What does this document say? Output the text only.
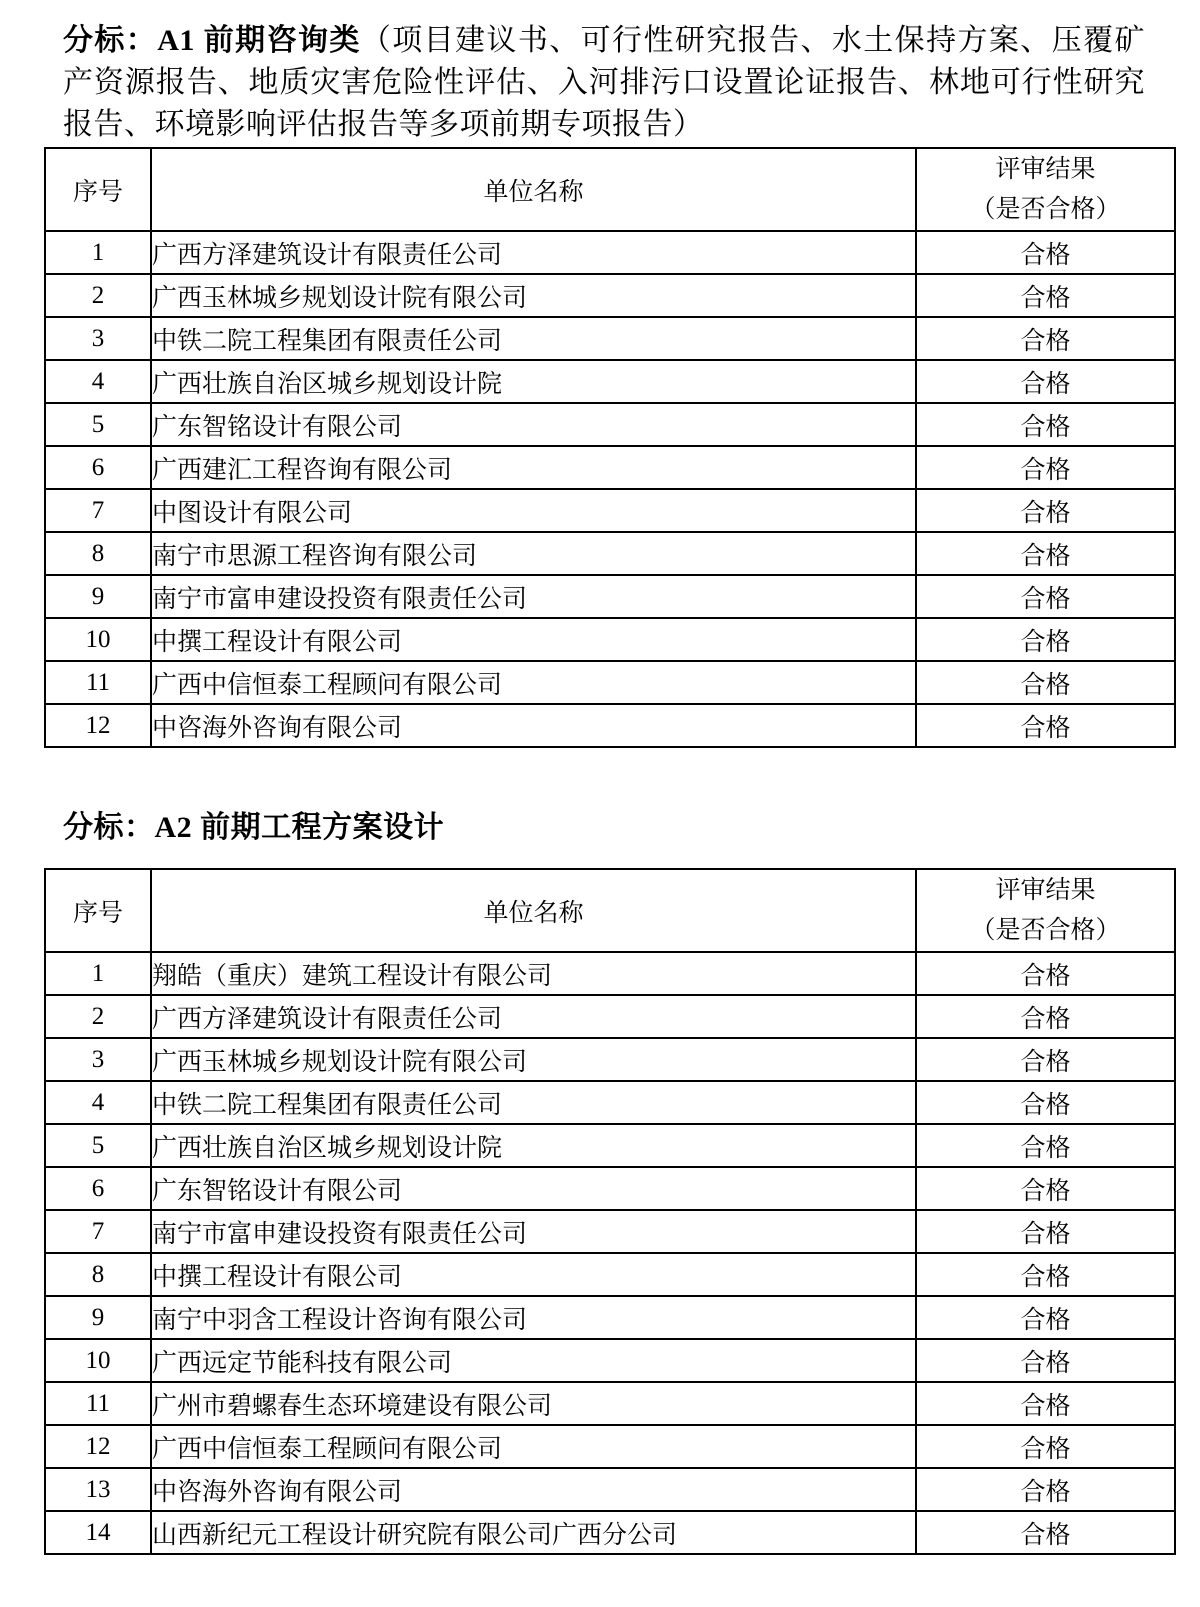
分标：A1 前期咨询类（项目建议书、可行性研究报告、水土保持方案、压覆矿产资源报告、地质灾害危险性评估、入河排污口设置论证报告、林地可行性研究报告、环境影响评估报告等多项前期专项报告）

序号	单位名称	评审结果
（是否合格）

1	广西方泽建筑设计有限责任公司	合格
2	广西玉林城乡规划设计院有限公司	合格
3	中铁二院工程集团有限责任公司	合格
4	广西壮族自治区城乡规划设计院	合格
5	广东智铭设计有限公司	合格
6	广西建汇工程咨询有限公司	合格
7	中图设计有限公司	合格
8	南宁市思源工程咨询有限公司	合格
9	南宁市富申建设投资有限责任公司	合格
10	中撰工程设计有限公司	合格
11	广西中信恒泰工程顾问有限公司	合格
12	中咨海外咨询有限公司	合格

分标：A2 前期工程方案设计

序号	单位名称	评审结果
（是否合格）

1	翔皓（重庆）建筑工程设计有限公司	合格
2	广西方泽建筑设计有限责任公司	合格
3	广西玉林城乡规划设计院有限公司	合格
4	中铁二院工程集团有限责任公司	合格
5	广西壮族自治区城乡规划设计院	合格
6	广东智铭设计有限公司	合格
7	南宁市富申建设投资有限责任公司	合格
8	中撰工程设计有限公司	合格
9	南宁中羽含工程设计咨询有限公司	合格
10	广西远定节能科技有限公司	合格
11	广州市碧螺春生态环境建设有限公司	合格
12	广西中信恒泰工程顾问有限公司	合格
13	中咨海外咨询有限公司	合格
14	山西新纪元工程设计研究院有限公司广西分公司	合格
